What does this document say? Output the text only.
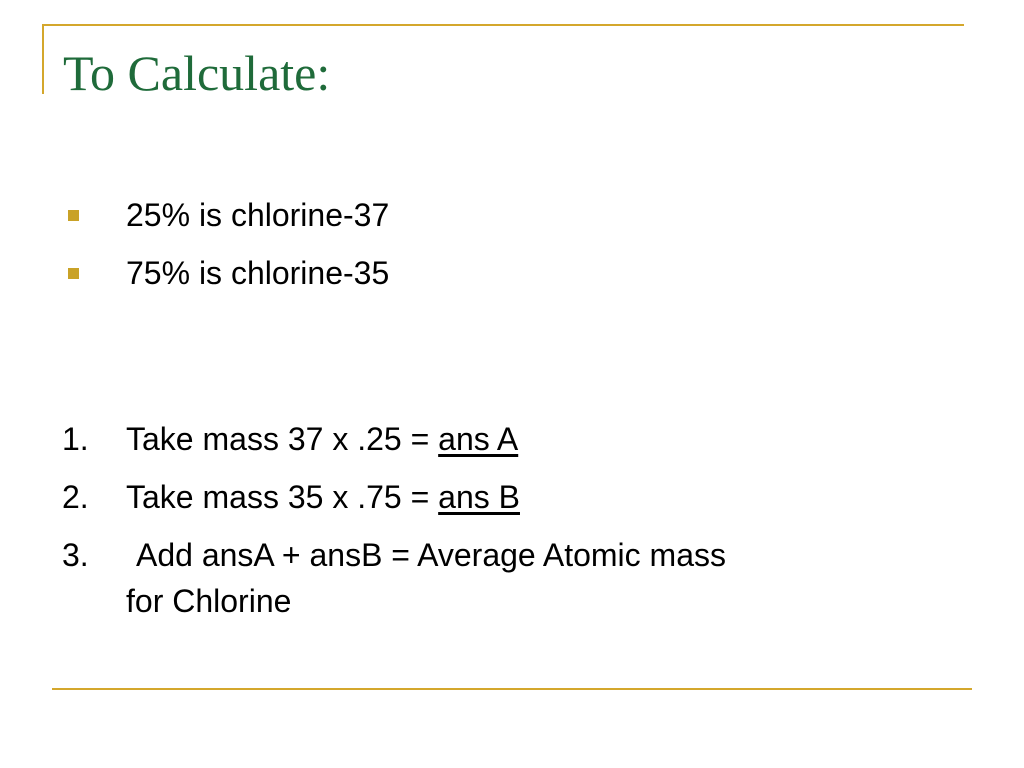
To Calculate:
25% is chlorine-37
75% is chlorine-35
1. Take mass 37 x .25 = ans A
2. Take mass 35 x .75 = ans B
3. Add ansA + ansB = Average Atomic mass
for Chlorine
